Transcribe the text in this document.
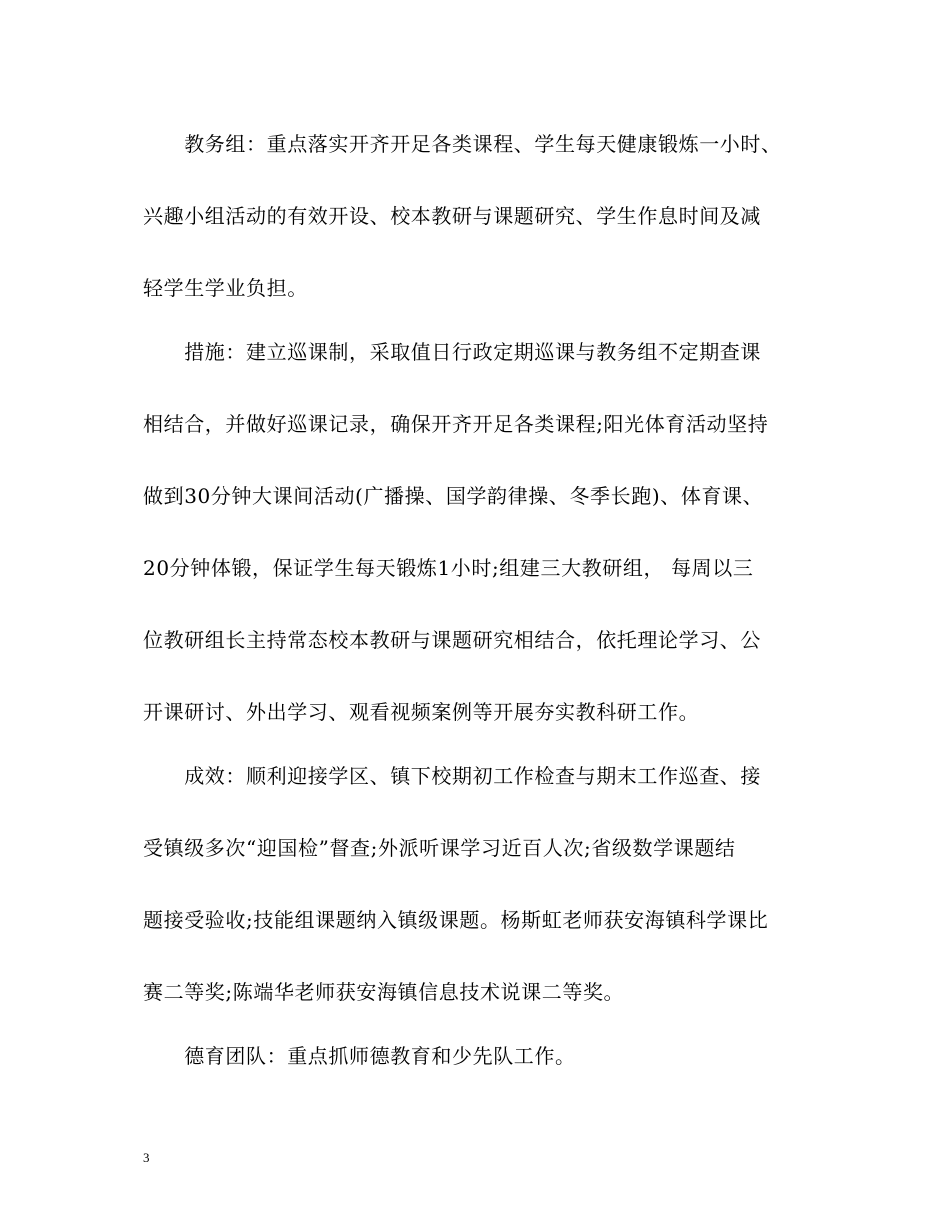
　　教务组：重点落实开齐开足各类课程、学生每天健康锻炼一小时、
兴趣小组活动的有效开设、校本教研与课题研究、学生作息时间及减
轻学生学业负担。
　　措施：建立巡课制，采取值日行政定期巡课与教务组不定期查课
相结合，并做好巡课记录，确保开齐开足各类课程;阳光体育活动坚持
做到30分钟大课间活动(广播操、国学韵律操、冬季长跑)、体育课、
20分钟体锻，保证学生每天锻炼1小时;组建三大教研组， 每周以三
位教研组长主持常态校本教研与课题研究相结合，依托理论学习、公
开课研讨、外出学习、观看视频案例等开展夯实教科研工作。
　　成效：顺利迎接学区、镇下校期初工作检查与期末工作巡查、接
受镇级多次“迎国检”督查;外派听课学习近百人次;省级数学课题结
题接受验收;技能组课题纳入镇级课题。杨斯虹老师获安海镇科学课比
赛二等奖;陈端华老师获安海镇信息技术说课二等奖。
　　德育团队：重点抓师德教育和少先队工作。
3
